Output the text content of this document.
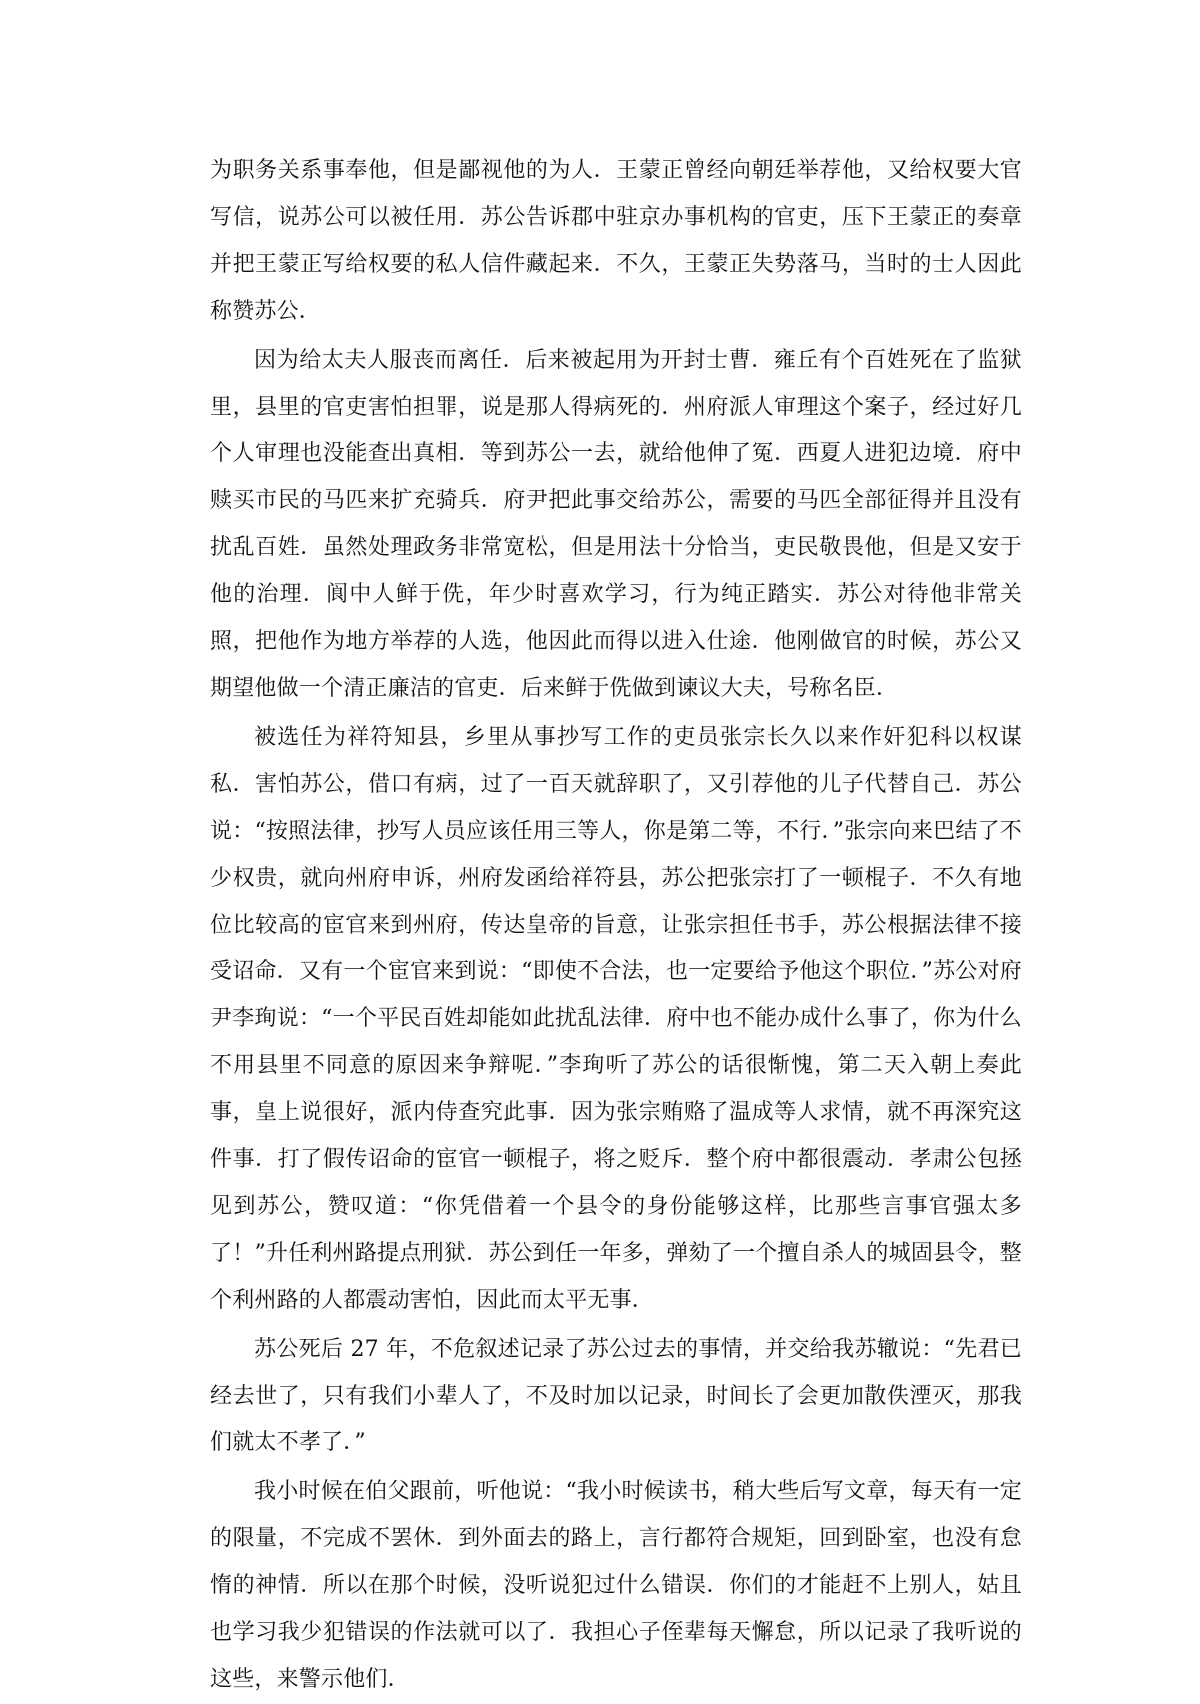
为职务关系事奉他，但是鄙视他的为人．王蒙正曾经向朝廷举荐他，又给权要大官写信，说苏公可以被任用．苏公告诉郡中驻京办事机构的官吏，压下王蒙正的奏章并把王蒙正写给权要的私人信件藏起来．不久，王蒙正失势落马，当时的士人因此称赞苏公．

因为给太夫人服丧而离任．后来被起用为开封士曹．雍丘有个百姓死在了监狱里，县里的官吏害怕担罪，说是那人得病死的．州府派人审理这个案子，经过好几个人审理也没能查出真相．等到苏公一去，就给他伸了冤．西夏人进犯边境．府中赎买市民的马匹来扩充骑兵．府尹把此事交给苏公，需要的马匹全部征得并且没有扰乱百姓．虽然处理政务非常宽松，但是用法十分恰当，吏民敬畏他，但是又安于他的治理．阆中人鲜于侁，年少时喜欢学习，行为纯正踏实．苏公对待他非常关照，把他作为地方举荐的人选，他因此而得以进入仕途．他刚做官的时候，苏公又期望他做一个清正廉洁的官吏．后来鲜于侁做到谏议大夫，号称名臣．

被选任为祥符知县，乡里从事抄写工作的吏员张宗长久以来作奸犯科以权谋私．害怕苏公，借口有病，过了一百天就辞职了，又引荐他的儿子代替自己．苏公说：“按照法律，抄写人员应该任用三等人，你是第二等，不行．”张宗向来巴结了不少权贵，就向州府申诉，州府发函给祥符县，苏公把张宗打了一顿棍子．不久有地位比较高的宦官来到州府，传达皇帝的旨意，让张宗担任书手，苏公根据法律不接受诏命．又有一个宦官来到说：“即使不合法，也一定要给予他这个职位．”苏公对府尹李珣说：“一个平民百姓却能如此扰乱法律．府中也不能办成什么事了，你为什么不用县里不同意的原因来争辩呢．”李珣听了苏公的话很惭愧，第二天入朝上奏此事，皇上说很好，派内侍查究此事．因为张宗贿赂了温成等人求情，就不再深究这件事．打了假传诏命的宦官一顿棍子，将之贬斥．整个府中都很震动．孝肃公包拯见到苏公，赞叹道：“你凭借着一个县令的身份能够这样，比那些言事官强太多了！”升任利州路提点刑狱．苏公到任一年多，弹劾了一个擅自杀人的城固县令，整个利州路的人都震动害怕，因此而太平无事．

苏公死后 27 年，不危叙述记录了苏公过去的事情，并交给我苏辙说：“先君已经去世了，只有我们小辈人了，不及时加以记录，时间长了会更加散佚湮灭，那我们就太不孝了．”

我小时候在伯父跟前，听他说：“我小时候读书，稍大些后写文章，每天有一定的限量，不完成不罢休．到外面去的路上，言行都符合规矩，回到卧室，也没有怠惰的神情．所以在那个时候，没听说犯过什么错误．你们的才能赶不上别人，姑且也学习我少犯错误的作法就可以了．我担心子侄辈每天懈怠，所以记录了我听说的这些，来警示他们．
